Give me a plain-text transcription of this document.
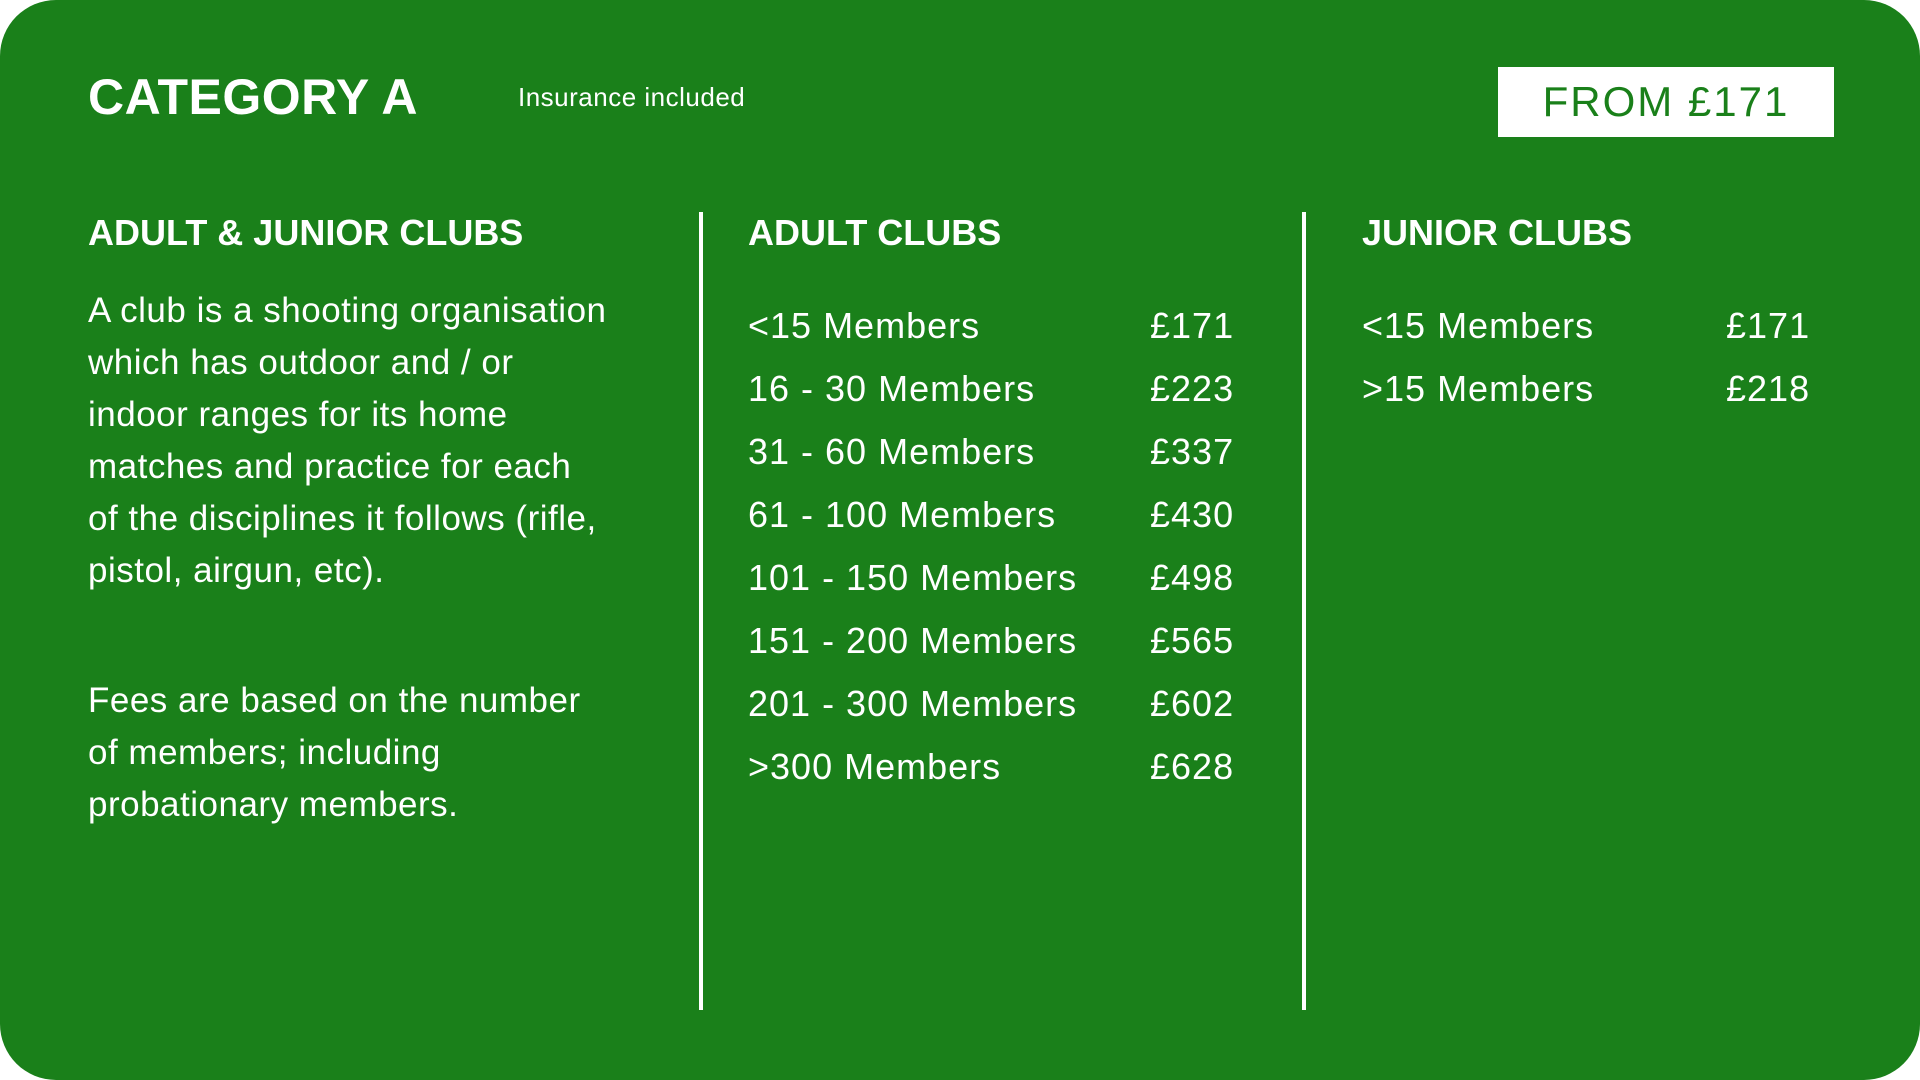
CATEGORY A	Insurance included	FROM £171
ADULT & JUNIOR CLUBS
A club is a shooting organisation which has outdoor and / or indoor ranges for its home matches and practice for each of the disciplines it follows (rifle, pistol, airgun, etc).
Fees are based on the number of members; including probationary members.
ADULT CLUBS
<15 Members	£171
16 - 30 Members	£223
31 - 60 Members	£337
61 - 100 Members	£430
101 - 150 Members £498
151 - 200 Members £565
201 - 300 Members £602
>300 Members	£628
JUNIOR CLUBS
<15 Members	£171
>15 Members	£218
